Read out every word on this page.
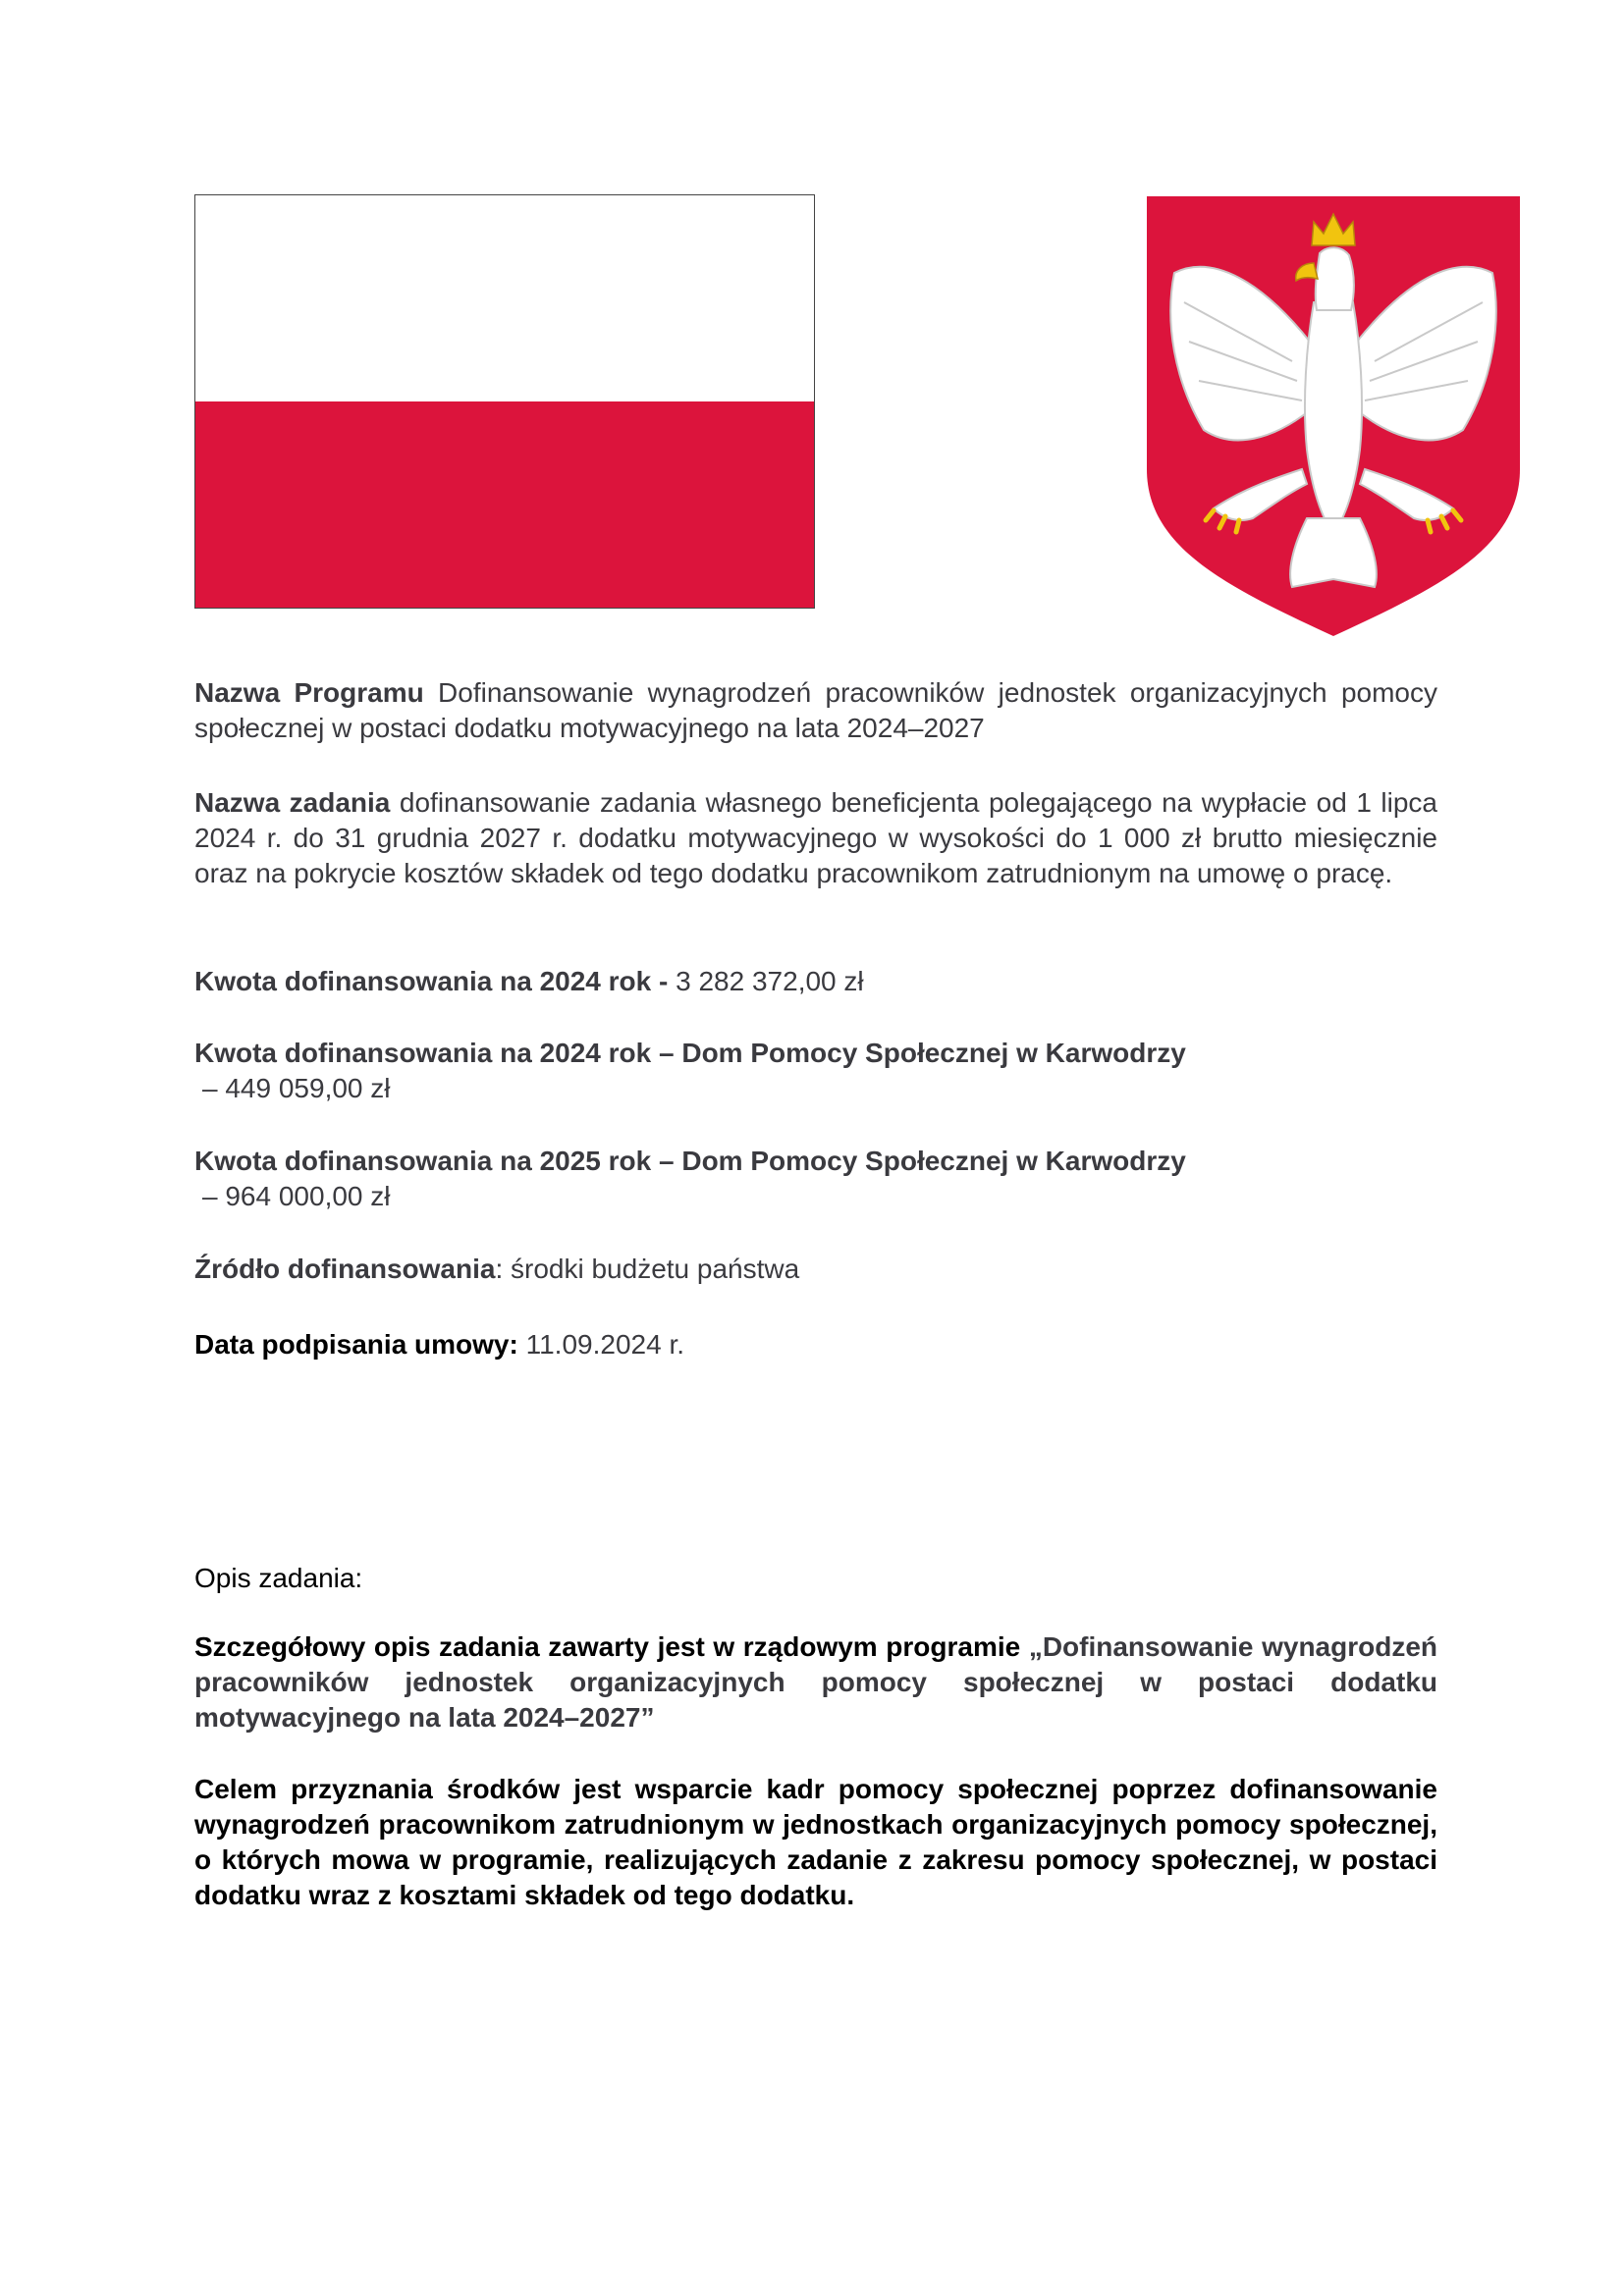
Nazwa Programu Dofinansowanie wynagrodzeń pracowników jednostek organizacyjnych pomocy społecznej w postaci dodatku motywacyjnego na lata 2024–2027
Nazwa zadania dofinansowanie zadania własnego beneficjenta polegającego na wypłacie od 1 lipca 2024 r. do 31 grudnia 2027 r. dodatku motywacyjnego w wysokości do 1 000 zł brutto miesięcznie oraz na pokrycie kosztów składek od tego dodatku pracownikom zatrudnionym na umowę o pracę.
Kwota dofinansowania na 2024 rok - 3 282 372,00 zł
Kwota dofinansowania na 2024 rok – Dom Pomocy Społecznej w Karwodrzy
– 449 059,00 zł
Kwota dofinansowania na 2025 rok – Dom Pomocy Społecznej w Karwodrzy
– 964 000,00 zł
Źródło dofinansowania: środki budżetu państwa
Data podpisania umowy: 11.09.2024 r.
Opis zadania:
Szczegółowy opis zadania zawarty jest w rządowym programie „Dofinansowanie wynagrodzeń pracowników jednostek organizacyjnych pomocy społecznej w postaci dodatku motywacyjnego na lata 2024–2027”
Celem przyznania środków jest wsparcie kadr pomocy społecznej poprzez dofinansowanie wynagrodzeń pracownikom zatrudnionym w jednostkach organizacyjnych pomocy społecznej, o których mowa w programie, realizujących zadanie z zakresu pomocy społecznej, w postaci dodatku wraz z kosztami składek od tego dodatku.
